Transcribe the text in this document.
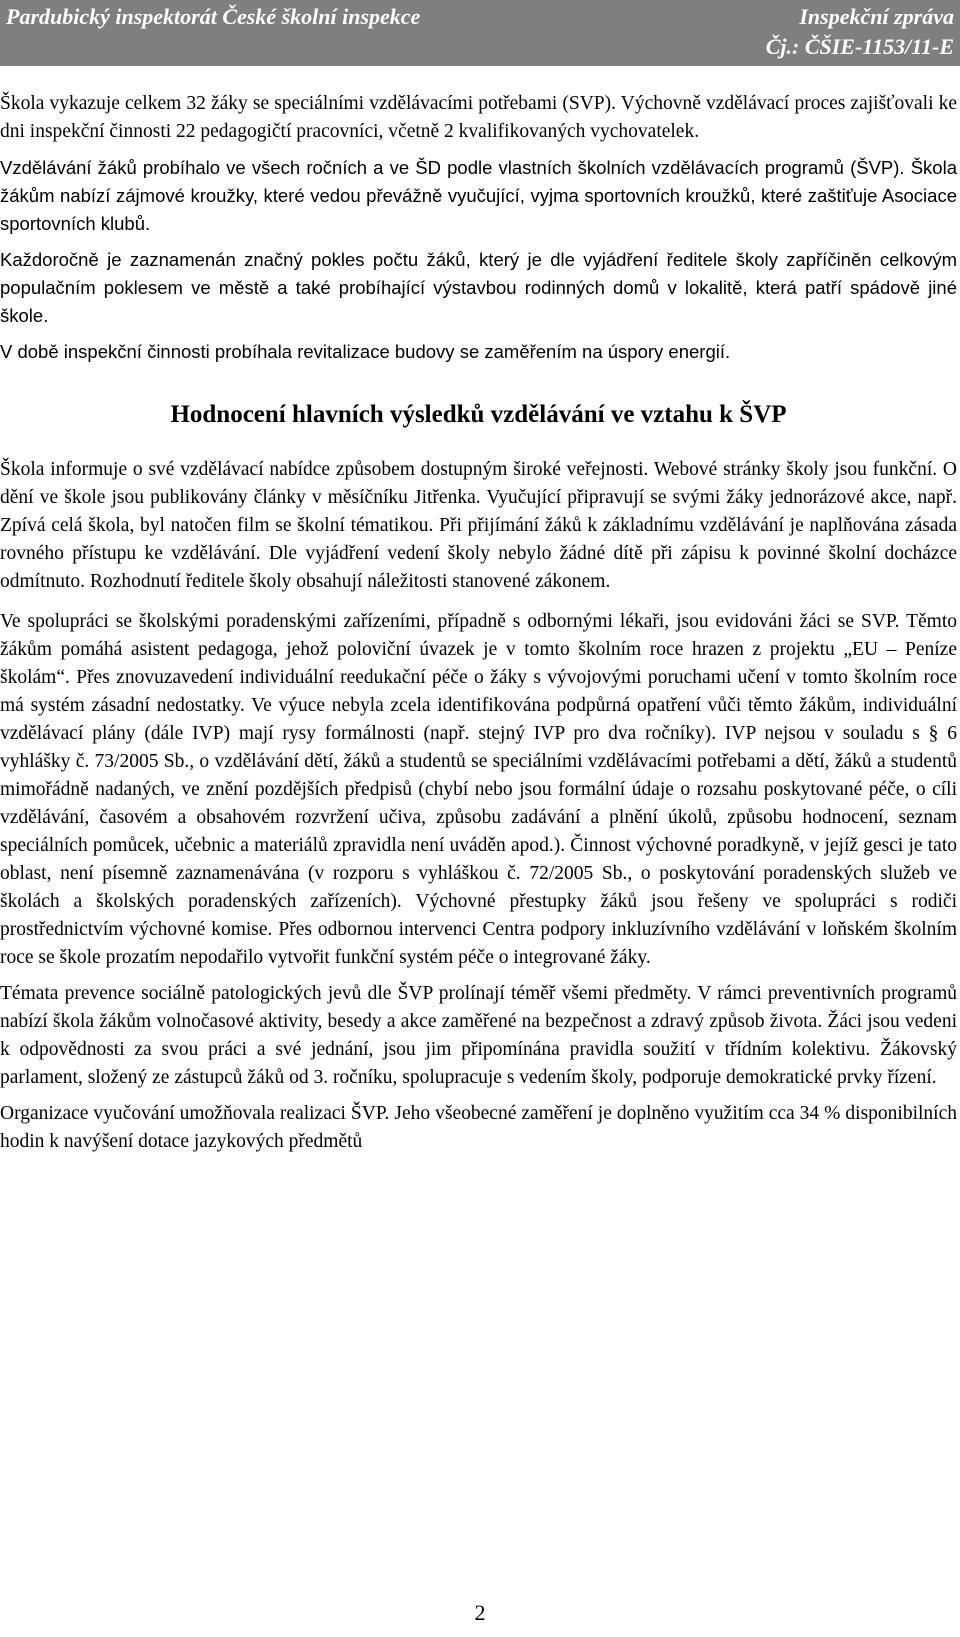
Pardubický inspektorát České školní inspekce	Inspekční zpráva
Čj.: ČŠIE-1153/11-E

Škola vykazuje celkem 32 žáky se speciálními vzdělávacími potřebami (SVP). Výchovně vzdělávací proces zajišťovali ke dni inspekční činnosti 22 pedagogičtí pracovníci, včetně 2 kvalifikovaných vychovatelek.

Vzdělávání žáků probíhalo ve všech ročních a ve ŠD podle vlastních školních vzdělávacích programů (ŠVP). Škola žákům nabízí zájmové kroužky, které vedou převážně vyučující, vyjma sportovních kroužků, které zaštiťuje Asociace sportovních klubů.

Každoročně je zaznamenán značný pokles počtu žáků, který je dle vyjádření ředitele školy zapříčiněn celkovým populačním poklesem ve městě a také probíhající výstavbou rodinných domů v lokalitě, která patří spádově jiné škole.

V době inspekční činnosti probíhala revitalizace budovy se zaměřením na úspory energií.

Hodnocení hlavních výsledků vzdělávání ve vztahu k ŠVP

Škola informuje o své vzdělávací nabídce způsobem dostupným široké veřejnosti. Webové stránky školy jsou funkční. O dění ve škole jsou publikovány články v měsíčníku Jitřenka. Vyučující připravují se svými žáky jednorázové akce, např. Zpívá celá škola, byl natočen film se školní tématikou. Při přijímání žáků k základnímu vzdělávání je naplňována zásada rovného přístupu ke vzdělávání. Dle vyjádření vedení školy nebylo žádné dítě při zápisu k povinné školní docházce odmítnuto. Rozhodnutí ředitele školy obsahují náležitosti stanovené zákonem.

Ve spolupráci se školskými poradenskými zařízeními, případně s odbornými lékaři, jsou evidováni žáci se SVP. Těmto žákům pomáhá asistent pedagoga, jehož poloviční úvazek je v tomto školním roce hrazen z projektu „EU – Peníze školám“. Přes znovuzavedení individuální reedukační péče o žáky s vývojovými poruchami učení v tomto školním roce má systém zásadní nedostatky. Ve výuce nebyla zcela identifikována podpůrná opatření vůči těmto žákům, individuální vzdělávací plány (dále IVP) mají rysy formálnosti (např. stejný IVP pro dva ročníky). IVP nejsou v souladu s § 6 vyhlášky č. 73/2005 Sb., o vzdělávání dětí, žáků a studentů se speciálními vzdělávacími potřebami a dětí, žáků a studentů mimořádně nadaných, ve znění pozdějších předpisů (chybí nebo jsou formální údaje o rozsahu poskytované péče, o cíli vzdělávání, časovém a obsahovém rozvržení učiva, způsobu zadávání a plnění úkolů, způsobu hodnocení, seznam speciálních pomůcek, učebnic a materiálů zpravidla není uváděn apod.). Činnost výchovné poradkyně, v jejíž gesci je tato oblast, není písemně zaznamenávána (v rozporu s vyhláškou č. 72/2005 Sb., o poskytování poradenských služeb ve školách a školských poradenských zařízeních). Výchovné přestupky žáků jsou řešeny ve spolupráci s rodiči prostřednictvím výchovné komise. Přes odbornou intervenci Centra podpory inkluzívního vzdělávání v loňském školním roce se škole prozatím nepodařilo vytvořit funkční systém péče o integrované žáky.

Témata prevence sociálně patologických jevů dle ŠVP prolínají téměř všemi předměty. V rámci preventivních programů nabízí škola žákům volnočasové aktivity, besedy a akce zaměřené na bezpečnost a zdravý způsob života. Žáci jsou vedeni k odpovědnosti za svou práci a své jednání, jsou jim připomínána pravidla soužití v třídním kolektivu. Žákovský parlament, složený ze zástupců žáků od 3. ročníku, spolupracuje s vedením školy, podporuje demokratické prvky řízení.

Organizace vyučování umožňovala realizaci ŠVP. Jeho všeobecné zaměření je doplněno využitím cca 34 % disponibilních hodin k navýšení dotace jazykových předmětů

2
